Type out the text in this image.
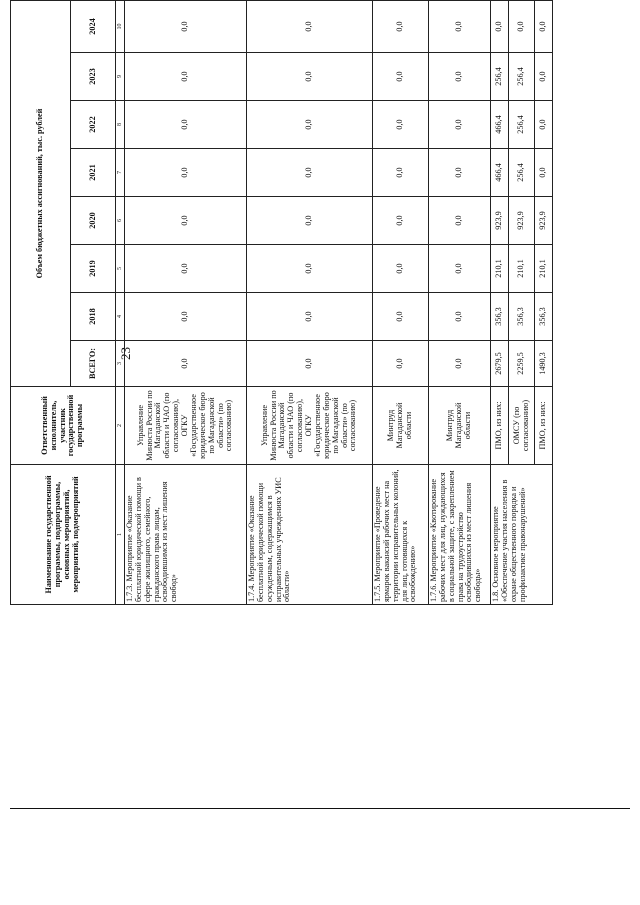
23
Наименование государственной программы, подпрограммы, основных мероприятий, мероприятий, подмероприятий	Ответственный исполнитель, участник государственной программы	Объем бюджетных ассигнований, тыс. рублей							
		ВСЕГО:	2018	2019	2020	2021	2022	2023	2024
1	2	3	4	5	6	7	8	9	10
1.7.3. Мероприятие «Оказание бесплатной юридической помощи в сфере жилищного, семейного, гражданского права лицам, освободившимся из мест лишения свобод»	Управление Минюста России по Магаданской области и ЧАО (по согласованию), ОГКУ «Государственное юридическое бюро по Магаданской области» (по согласованию)	0,0	0,0	0,0	0,0	0,0	0,0	0,0	0,0
1.7.4. Мероприятие «Оказание бесплатной юридической помощи осужденным, содержащимся в исправительных учреждениях УИС области»	Управление Минюста России по Магаданской области и ЧАО (по согласованию), ОГКУ «Государственное юридическое бюро по Магаданской области» (по согласованию)	0,0	0,0	0,0	0,0	0,0	0,0	0,0	0,0
1.7.5. Мероприятие «Проведение ярмарок вакансий рабочих мест на территории исправительных колоний, для лиц, готовящихся к освобождению»	Минтруд Магаданской области	0,0	0,0	0,0	0,0	0,0	0,0	0,0	0,0
1.7.6. Мероприятие «Квотирование рабочих мест для лиц, нуждающихся в социальной защите, с закреплением права на трудоустройство освободившихся из мест лишения свободы»	Минтруд Магаданской области	0,0	0,0	0,0	0,0	0,0	0,0	0,0	0,0
1.8. Основное мероприятие «Обеспечение участия населения в охране общественного порядка и профилактике правонарушений»	ПМО, из них:	2679,5	356,3	210,1	923,9	466,4	466,4	256,4	0,0
	ОМСУ (по согласованию)	2259,5	356,3	210,1	923,9	256,4	256,4	256,4	0,0
	ПМО, из них:	1490,3	356,3	210,1	923,9	0,0	0,0	0,0	0,0
